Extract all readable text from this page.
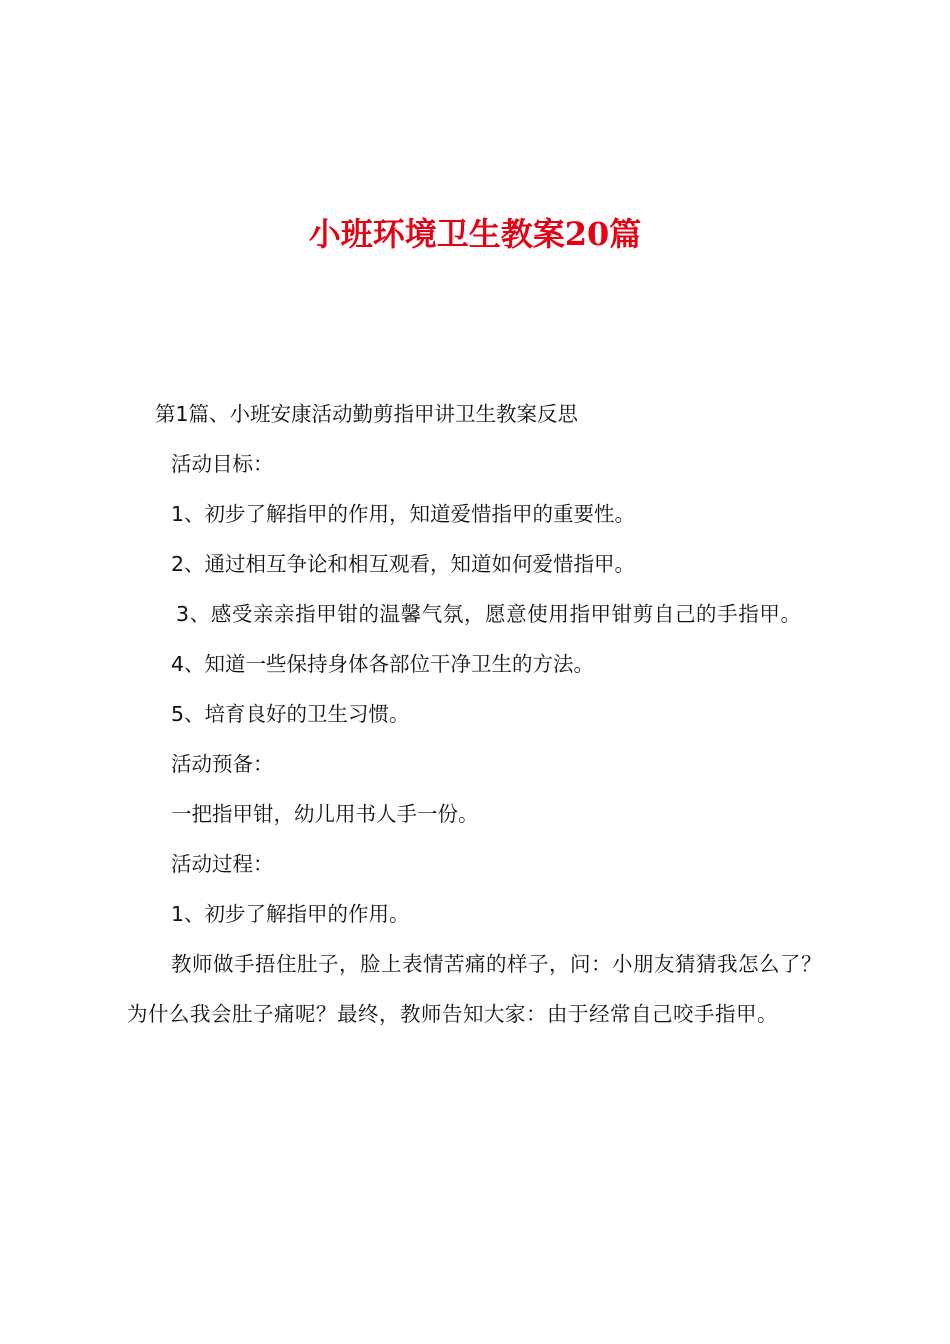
小班环境卫生教案20篇

第1篇、小班安康活动勤剪指甲讲卫生教案反思

活动目标：

1、初步了解指甲的作用，知道爱惜指甲的重要性。

2、通过相互争论和相互观看，知道如何爱惜指甲。

3、感受亲亲指甲钳的温馨气氛，愿意使用指甲钳剪自己的手指甲。

4、知道一些保持身体各部位干净卫生的方法。

5、培育良好的卫生习惯。

活动预备：

一把指甲钳，幼儿用书人手一份。

活动过程：

1、初步了解指甲的作用。

教师做手捂住肚子，脸上表情苦痛的样子，问：小朋友猜猜我怎么了？为什么我会肚子痛呢？最终，教师告知大家：由于经常自己咬手指甲。
